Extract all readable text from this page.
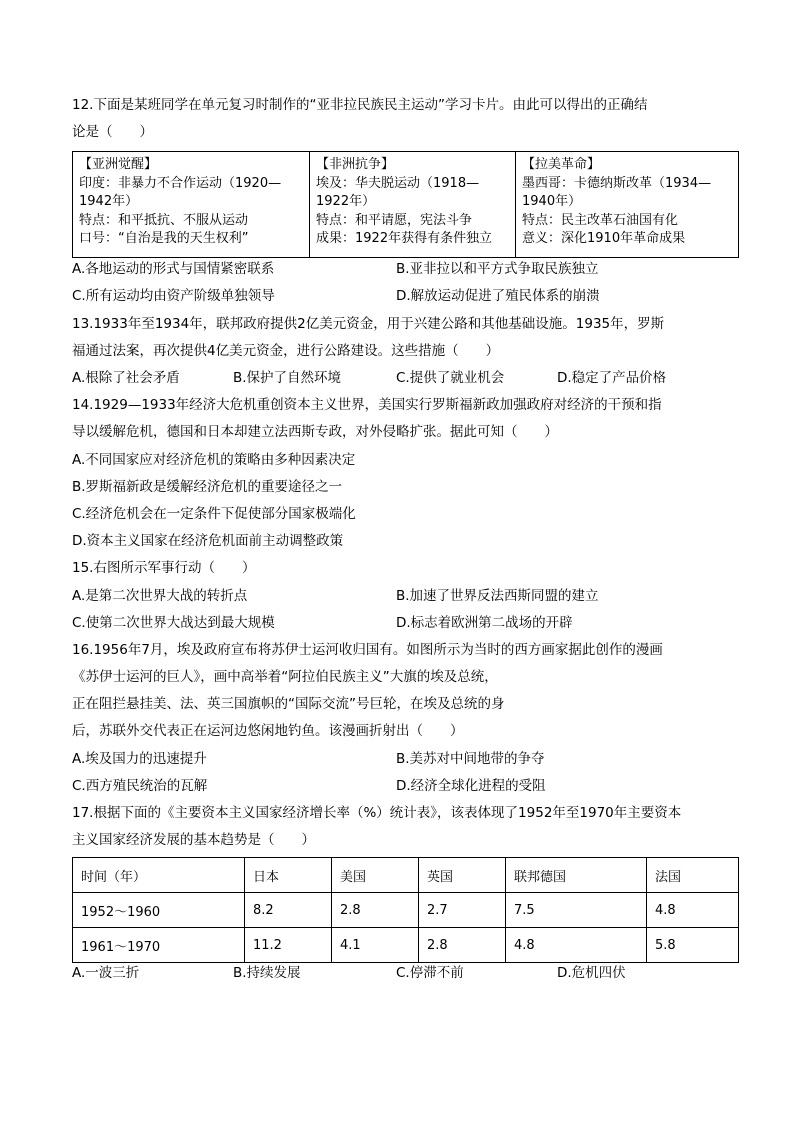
12.下面是某班同学在单元复习时制作的“亚非拉民族民主运动”学习卡片。由此可以得出的正确结
论是（　　）
【亚洲觉醒】
印度：非暴力不合作运动（1920—
1942年）
特点：和平抵抗、不服从运动
口号：“自治是我的天生权利”

【非洲抗争】
埃及：华夫脱运动（1918—
1922年）
特点：和平请愿，宪法斗争
成果：1922年获得有条件独立

【拉美革命】
墨西哥：卡德纳斯改革（1934—
1940年）
特点：民主改革石油国有化
意义：深化1910年革命成果
A.各地运动的形式与国情紧密联系	B.亚非拉以和平方式争取民族独立
C.所有运动均由资产阶级单独领导	D.解放运动促进了殖民体系的崩溃
13.1933年至1934年，联邦政府提供2亿美元资金，用于兴建公路和其他基础设施。1935年，罗斯
福通过法案，再次提供4亿美元资金，进行公路建设。这些措施（　　）
A.根除了社会矛盾	B.保护了自然环境	C.提供了就业机会	D.稳定了产品价格
14.1929—1933年经济大危机重创资本主义世界，美国实行罗斯福新政加强政府对经济的干预和指
导以缓解危机，德国和日本却建立法西斯专政，对外侵略扩张。据此可知（　　）
A.不同国家应对经济危机的策略由多种因素决定
B.罗斯福新政是缓解经济危机的重要途径之一
C.经济危机会在一定条件下促使部分国家极端化
D.资本主义国家在经济危机面前主动调整政策
15.右图所示军事行动（　　）
A.是第二次世界大战的转折点	B.加速了世界反法西斯同盟的建立
C.使第二次世界大战达到最大规模	D.标志着欧洲第二战场的开辟
16.1956年7月，埃及政府宣布将苏伊士运河收归国有。如图所示为当时的西方画家据此创作的漫画
《苏伊士运河的巨人》，画中高举着“阿拉伯民族主义”大旗的埃及总统，
正在阻拦悬挂美、法、英三国旗帜的“国际交流”号巨轮，在埃及总统的身
后，苏联外交代表正在运河边悠闲地钓鱼。该漫画折射出（　　）
A.埃及国力的迅速提升	B.美苏对中间地带的争夺
C.西方殖民统治的瓦解	D.经济全球化进程的受阻
17.根据下面的《主要资本主义国家经济增长率（%）统计表》，该表体现了1952年至1970年主要资本
主义国家经济发展的基本趋势是（　　）
时间（年）	日本	美国	英国	联邦德国	法国
1952～1960	8.2	2.8	2.7	7.5	4.8
1961～1970	11.2	4.1	2.8	4.8	5.8
A.一波三折	B.持续发展	C.停滞不前	D.危机四伏
